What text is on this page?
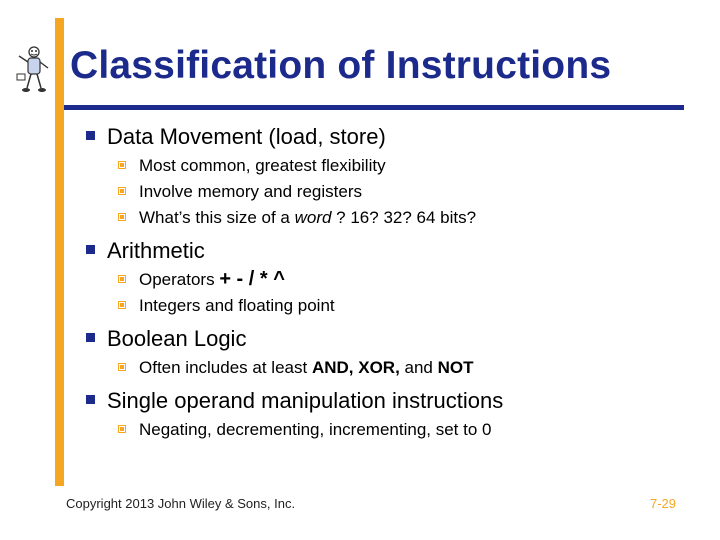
Classification of Instructions
Data Movement (load, store)
Most common, greatest flexibility
Involve memory and registers
What’s this size of a word ? 16? 32? 64 bits?
Arithmetic
Operators + - / * ^
Integers and floating point
Boolean Logic
Often includes at least AND, XOR, and NOT
Single operand manipulation instructions
Negating, decrementing, incrementing, set to 0
Copyright 2013 John Wiley & Sons, Inc.	7-29
